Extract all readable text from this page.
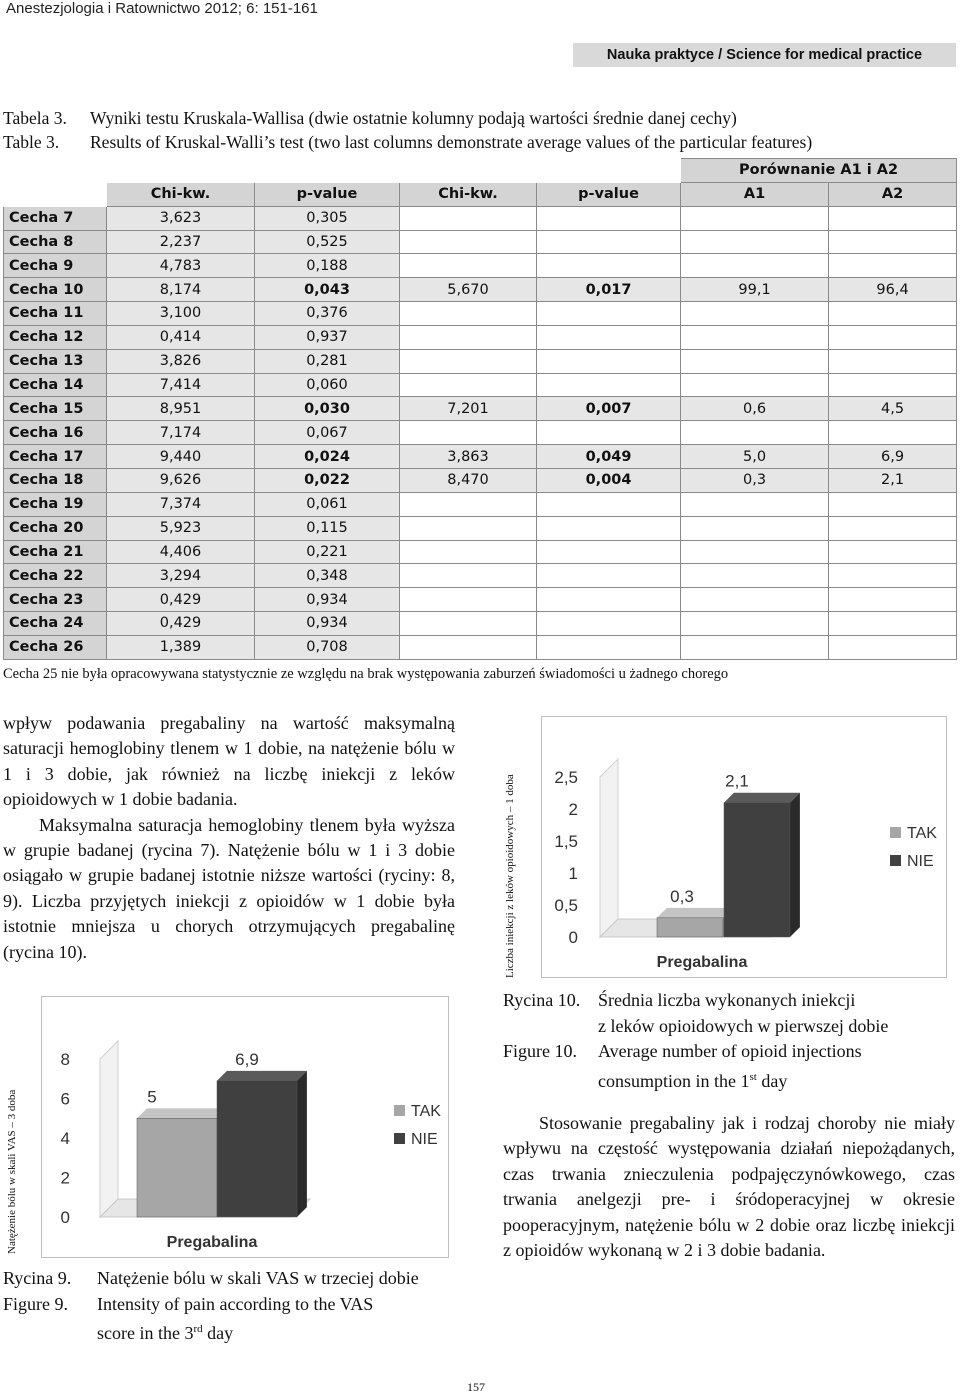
Anestezjologia i Ratownictwo 2012; 6: 151-161
Nauka praktyce / Science for medical practice
Tabela 3. Wyniki testu Kruskala-Wallisa (dwie ostatnie kolumny podają wartości średnie danej cechy)
Table 3. Results of Kruskal-Walli’s test (two last columns demonstrate average values of the particular features)
					Porównanie A1 i A2	
	Chi-kw.	p-value	Chi-kw.	p-value	A1	A2
Cecha 7	3,623	0,305				
Cecha 8	2,237	0,525				
Cecha 9	4,783	0,188				
Cecha 10	8,174	0,043	5,670	0,017	99,1	96,4
Cecha 11	3,100	0,376				
Cecha 12	0,414	0,937				
Cecha 13	3,826	0,281				
Cecha 14	7,414	0,060				
Cecha 15	8,951	0,030	7,201	0,007	0,6	4,5
Cecha 16	7,174	0,067				
Cecha 17	9,440	0,024	3,863	0,049	5,0	6,9
Cecha 18	9,626	0,022	8,470	0,004	0,3	2,1
Cecha 19	7,374	0,061				
Cecha 20	5,923	0,115				
Cecha 21	4,406	0,221				
Cecha 22	3,294	0,348				
Cecha 23	0,429	0,934				
Cecha 24	0,429	0,934				
Cecha 26	1,389	0,708				
Cecha 25 nie była opracowywana statystycznie ze względu na brak występowania zaburzeń świadomości u żadnego chorego

wpływ podawania pregabaliny na wartość maksymalną saturacji hemoglobiny tlenem w 1 dobie, na natężenie bólu w 1 i 3 dobie, jak również na liczbę iniekcji z leków opioidowych w 1 dobie badania.

Maksymalna saturacja hemoglobiny tlenem była wyższa w grupie badanej (rycina 7). Natężenie bólu w 1 i 3 dobie osiągało w grupie badanej istotnie niższe wartości (ryciny: 8, 9). Liczba przyjętych iniekcji z opioidów w 1 dobie była istotnie mniejsza u chorych otrzymujących pregabalinę (rycina 10).

0
0,5
1
1,5
2
2,5
0,3
2,1
Pregabalina
TAK
NIE
Liczba iniekcji z leków opioidowych – 1 doba
Rycina 10. Średnia liczba wykonanych iniekcji
z leków opioidowych w pierwszej dobie
Figure 10. Average number of opioid injections
consumption in the 1st day

Stosowanie pregabaliny jak i rodzaj choroby nie miały wpływu na częstość występowania działań niepożądanych, czas trwania znieczulenia podpajęczynówkowego, czas trwania anelgezji pre- i śródoperacyjnej w okresie pooperacyjnym, natężenie bólu w 2 dobie oraz liczbę iniekcji z opioidów wykonaną w 2 i 3 dobie badania.

0
2
4
6
8
5
6,9
Pregabalina
TAK
NIE
Natężenie bólu w skali VAS – 3 doba
Rycina 9. Natężenie bólu w skali VAS w trzeciej dobie
Figure 9. Intensity of pain according to the VAS
score in the 3rd day
157
